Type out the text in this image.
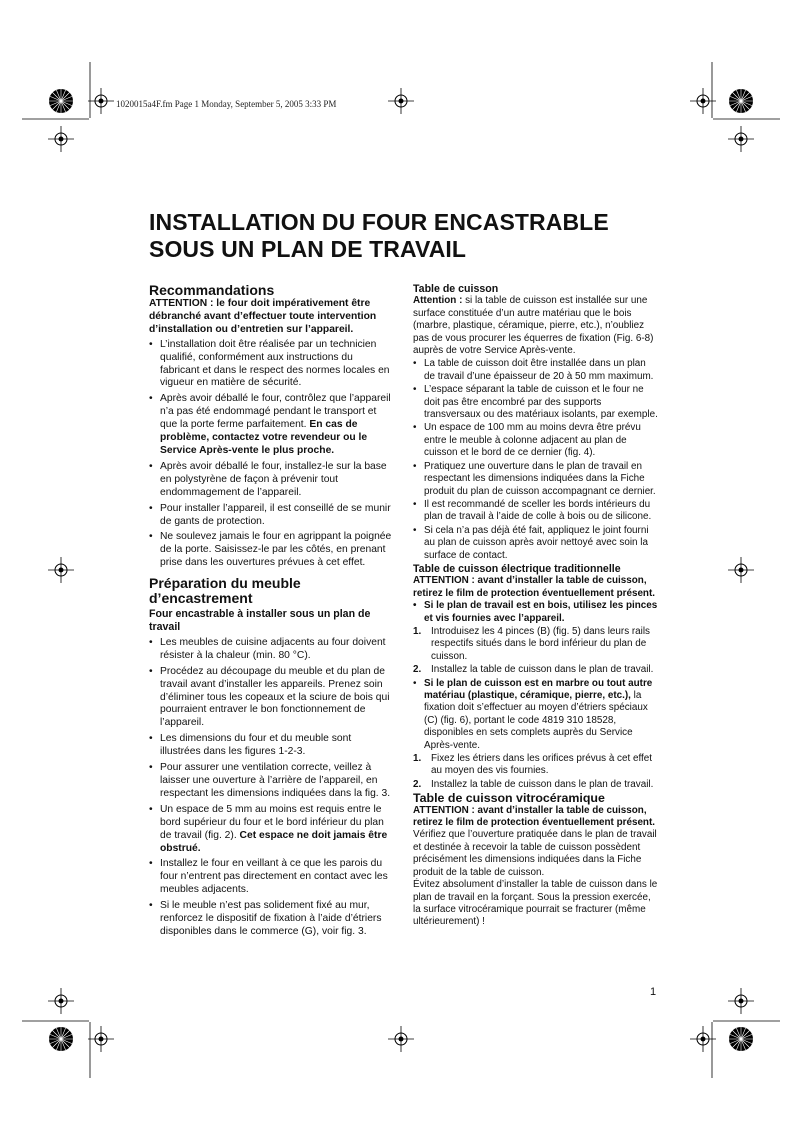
1020015a4F.fm Page 1 Monday, September 5, 2005 3:33 PM
INSTALLATION DU FOUR ENCASTRABLE
SOUS UN PLAN DE TRAVAIL
Recommandations

ATTENTION : le four doit impérativement être débranché avant d’effectuer toute intervention d’installation ou d’entretien sur l’appareil.

• L’installation doit être réalisée par un technicien qualifié, conformément aux instructions du fabricant et dans le respect des normes locales en vigueur en matière de sécurité.
• Après avoir déballé le four, contrôlez que l’appareil n’a pas été endommagé pendant le transport et que la porte ferme parfaitement. En cas de problème, contactez votre revendeur ou le Service Après-vente le plus proche.
• Après avoir déballé le four, installez-le sur la base en polystyrène de façon à prévenir tout endommagement de l’appareil.
• Pour installer l’appareil, il est conseillé de se munir de gants de protection.
• Ne soulevez jamais le four en agrippant la poignée de la porte. Saisissez-le par les côtés, en prenant prise dans les ouvertures prévues à cet effet.
Préparation du meuble d’encastrement
Four encastrable à installer sous un plan de travail
• Les meubles de cuisine adjacents au four doivent résister à la chaleur (min. 80 °C).
• Procédez au découpage du meuble et du plan de travail avant d’installer les appareils. Prenez soin d’éliminer tous les copeaux et la sciure de bois qui pourraient entraver le bon fonctionnement de l’appareil.
• Les dimensions du four et du meuble sont illustrées dans les figures 1-2-3.
• Pour assurer une ventilation correcte, veillez à laisser une ouverture à l’arrière de l’appareil, en respectant les dimensions indiquées dans la fig. 3.
• Un espace de 5 mm au moins est requis entre le bord supérieur du four et le bord inférieur du plan de travail (fig. 2). Cet espace ne doit jamais être obstrué.
• Installez le four en veillant à ce que les parois du four n’entrent pas directement en contact avec les meubles adjacents.
• Si le meuble n’est pas solidement fixé au mur, renforcez le dispositif de fixation à l’aide d’étriers disponibles dans le commerce (G), voir fig. 3.
Table de cuisson

Attention : si la table de cuisson est installée sur une surface constituée d’un autre matériau que le bois (marbre, plastique, céramique, pierre, etc.), n’oubliez pas de vous procurer les équerres de fixation (Fig. 6-8) auprès de votre Service Après-vente.

• La table de cuisson doit être installée dans un plan de travail d’une épaisseur de 20 à 50 mm maximum.
• L’espace séparant la table de cuisson et le four ne doit pas être encombré par des supports transversaux ou des matériaux isolants, par exemple.
• Un espace de 100 mm au moins devra être prévu entre le meuble à colonne adjacent au plan de cuisson et le bord de ce dernier (fig. 4).
• Pratiquez une ouverture dans le plan de travail en respectant les dimensions indiquées dans la Fiche produit du plan de cuisson accompagnant ce dernier.
• Il est recommandé de sceller les bords intérieurs du plan de travail à l’aide de colle à bois ou de silicone.
• Si cela n’a pas déjà été fait, appliquez le joint fourni au plan de cuisson après avoir nettoyé avec soin la surface de contact.
Table de cuisson électrique traditionnelle

ATTENTION : avant d’installer la table de cuisson, retirez le film de protection éventuellement présent.

• Si le plan de travail est en bois, utilisez les pinces et vis fournies avec l’appareil.
1. Introduisez les 4 pinces (B) (fig. 5) dans leurs rails respectifs situés dans le bord inférieur du plan de cuisson.
2. Installez la table de cuisson dans le plan de travail.
• Si le plan de cuisson est en marbre ou tout autre matériau (plastique, céramique, pierre, etc.), la fixation doit s’effectuer au moyen d’étriers spéciaux (C) (fig. 6), portant le code 4819 310 18528, disponibles en sets complets auprès du Service Après-vente.
1. Fixez les étriers dans les orifices prévus à cet effet au moyen des vis fournies.
2. Installez la table de cuisson dans le plan de travail.
Table de cuisson vitrocéramique

ATTENTION : avant d’installer la table de cuisson, retirez le film de protection éventuellement présent.

Vérifiez que l’ouverture pratiquée dans le plan de travail et destinée à recevoir la table de cuisson possèdent précisément les dimensions indiquées dans la Fiche produit de la table de cuisson.

Évitez absolument d’installer la table de cuisson dans le plan de travail en la forçant. Sous la pression exercée, la surface vitrocéramique pourrait se fracturer (même ultérieurement) !

1
